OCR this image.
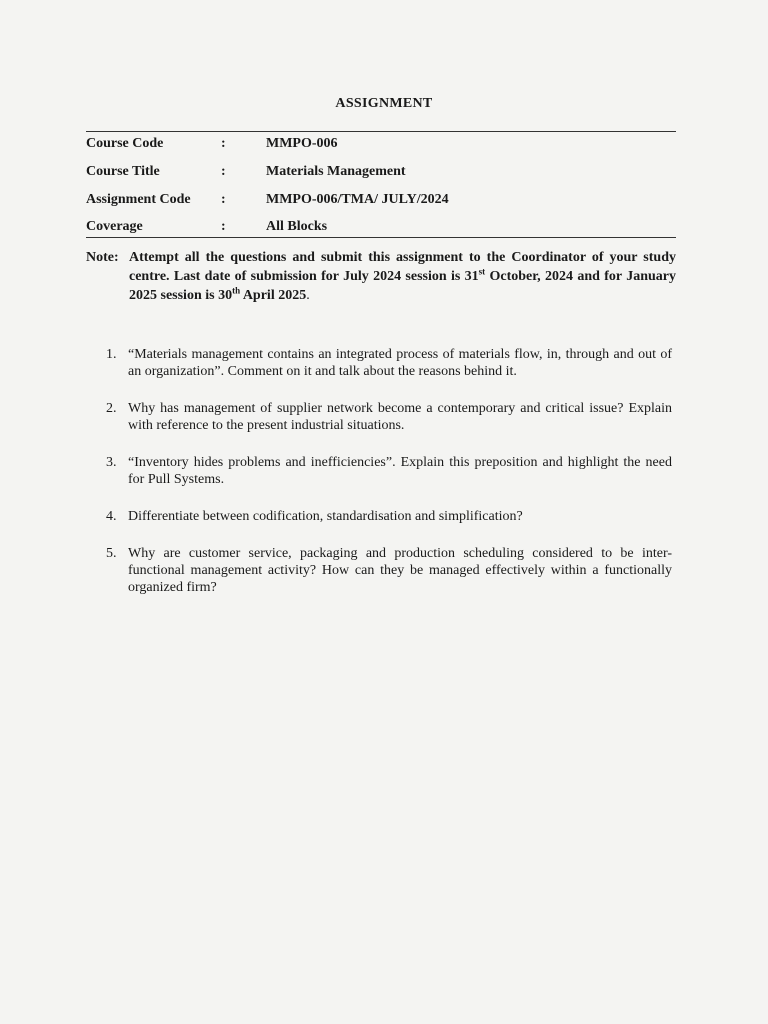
ASSIGNMENT
Course Code	:	MMPO-006
Course Title	:	Materials Management
Assignment Code :	MMPO-006/TMA/ JULY/2024
Coverage	:	All Blocks
Note: Attempt all the questions and submit this assignment to the Coordinator of your study centre. Last date of submission for July 2024 session is 31st October, 2024 and for January 2025 session is 30th April 2025.
1. “Materials management contains an integrated process of materials flow, in, through and out of an organization”. Comment on it and talk about the reasons behind it.
2. Why has management of supplier network become a contemporary and critical issue? Explain with reference to the present industrial situations.
3. “Inventory hides problems and inefficiencies”. Explain this preposition and highlight the need for Pull Systems.
4. Differentiate between codification, standardisation and simplification?
5. Why are customer service, packaging and production scheduling considered to be inter-functional management activity? How can they be managed effectively within a functionally organized firm?
